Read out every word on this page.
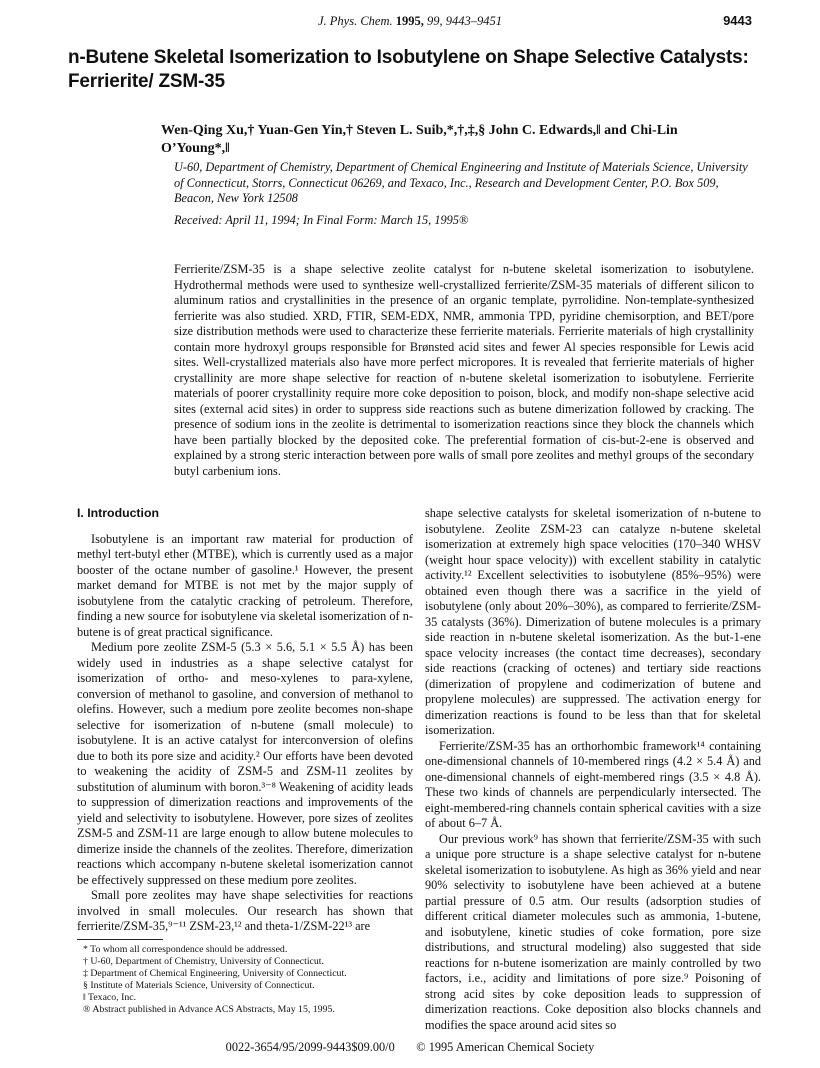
J. Phys. Chem. 1995, 99, 9443–9451	9443
n-Butene Skeletal Isomerization to Isobutylene on Shape Selective Catalysts: Ferrierite/ ZSM-35
Wen-Qing Xu,† Yuan-Gen Yin,† Steven L. Suib,*,†,‡,§ John C. Edwards,‖ and Chi-Lin O’Young*,‖
U-60, Department of Chemistry, Department of Chemical Engineering and Institute of Materials Science, University of Connecticut, Storrs, Connecticut 06269, and Texaco, Inc., Research and Development Center, P.O. Box 509, Beacon, New York 12508
Received: April 11, 1994; In Final Form: March 15, 1995®
Ferrierite/ZSM-35 is a shape selective zeolite catalyst for n-butene skeletal isomerization to isobutylene. Hydrothermal methods were used to synthesize well-crystallized ferrierite/ZSM-35 materials of different silicon to aluminum ratios and crystallinities in the presence of an organic template, pyrrolidine. Non-template-synthesized ferrierite was also studied. XRD, FTIR, SEM-EDX, NMR, ammonia TPD, pyridine chemisorption, and BET/pore size distribution methods were used to characterize these ferrierite materials. Ferrierite materials of high crystallinity contain more hydroxyl groups responsible for Brønsted acid sites and fewer Al species responsible for Lewis acid sites. Well-crystallized materials also have more perfect micropores. It is revealed that ferrierite materials of higher crystallinity are more shape selective for reaction of n-butene skeletal isomerization to isobutylene. Ferrierite materials of poorer crystallinity require more coke deposition to poison, block, and modify non-shape selective acid sites (external acid sites) in order to suppress side reactions such as butene dimerization followed by cracking. The presence of sodium ions in the zeolite is detrimental to isomerization reactions since they block the channels which have been partially blocked by the deposited coke. The preferential formation of cis-but-2-ene is observed and explained by a strong steric interaction between pore walls of small pore zeolites and methyl groups of the secondary butyl carbenium ions.
I. Introduction

Isobutylene is an important raw material for production of methyl tert-butyl ether (MTBE), which is currently used as a major booster of the octane number of gasoline.¹ However, the present market demand for MTBE is not met by the major supply of isobutylene from the catalytic cracking of petroleum. Therefore, finding a new source for isobutylene via skeletal isomerization of n-butene is of great practical significance.

Medium pore zeolite ZSM-5 (5.3 × 5.6, 5.1 × 5.5 Å) has been widely used in industries as a shape selective catalyst for isomerization of ortho- and meso-xylenes to para-xylene, conversion of methanol to gasoline, and conversion of methanol to olefins. However, such a medium pore zeolite becomes non-shape selective for isomerization of n-butene (small molecule) to isobutylene. It is an active catalyst for interconversion of olefins due to both its pore size and acidity.² Our efforts have been devoted to weakening the acidity of ZSM-5 and ZSM-11 zeolites by substitution of aluminum with boron.³⁻⁸ Weakening of acidity leads to suppression of dimerization reactions and improvements of the yield and selectivity to isobutylene. However, pore sizes of zeolites ZSM-5 and ZSM-11 are large enough to allow butene molecules to dimerize inside the channels of the zeolites. Therefore, dimerization reactions which accompany n-butene skeletal isomerization cannot be effectively suppressed on these medium pore zeolites.

Small pore zeolites may have shape selectivities for reactions involved in small molecules. Our research has shown that ferrierite/ZSM-35,⁹⁻¹¹ ZSM-23,¹² and theta-1/ZSM-22¹³ are

shape selective catalysts for skeletal isomerization of n-butene to isobutylene. Zeolite ZSM-23 can catalyze n-butene skeletal isomerization at extremely high space velocities (170–340 WHSV (weight hour space velocity)) with excellent stability in catalytic activity.¹² Excellent selectivities to isobutylene (85%–95%) were obtained even though there was a sacrifice in the yield of isobutylene (only about 20%–30%), as compared to ferrierite/ZSM-35 catalysts (36%). Dimerization of butene molecules is a primary side reaction in n-butene skeletal isomerization. As the but-1-ene space velocity increases (the contact time decreases), secondary side reactions (cracking of octenes) and tertiary side reactions (dimerization of propylene and codimerization of butene and propylene molecules) are suppressed. The activation energy for dimerization reactions is found to be less than that for skeletal isomerization.

Ferrierite/ZSM-35 has an orthorhombic framework¹⁴ containing one-dimensional channels of 10-membered rings (4.2 × 5.4 Å) and one-dimensional channels of eight-membered rings (3.5 × 4.8 Å). These two kinds of channels are perpendicularly intersected. The eight-membered-ring channels contain spherical cavities with a size of about 6–7 Å.

Our previous work⁹ has shown that ferrierite/ZSM-35 with such a unique pore structure is a shape selective catalyst for n-butene skeletal isomerization to isobutylene. As high as 36% yield and near 90% selectivity to isobutylene have been achieved at a butene partial pressure of 0.5 atm. Our results (adsorption studies of different critical diameter molecules such as ammonia, 1-butene, and isobutylene, kinetic studies of coke formation, pore size distributions, and structural modeling) also suggested that side reactions for n-butene isomerization are mainly controlled by two factors, i.e., acidity and limitations of pore size.⁹ Poisoning of strong acid sites by coke deposition leads to suppression of dimerization reactions. Coke deposition also blocks channels and modifies the space around acid sites so

* To whom all correspondence should be addressed.
† U-60, Department of Chemistry, University of Connecticut.
‡ Department of Chemical Engineering, University of Connecticut.
§ Institute of Materials Science, University of Connecticut.
‖ Texaco, Inc.
® Abstract published in Advance ACS Abstracts, May 15, 1995.
0022-3654/95/2099-9443$09.00/0 © 1995 American Chemical Society
